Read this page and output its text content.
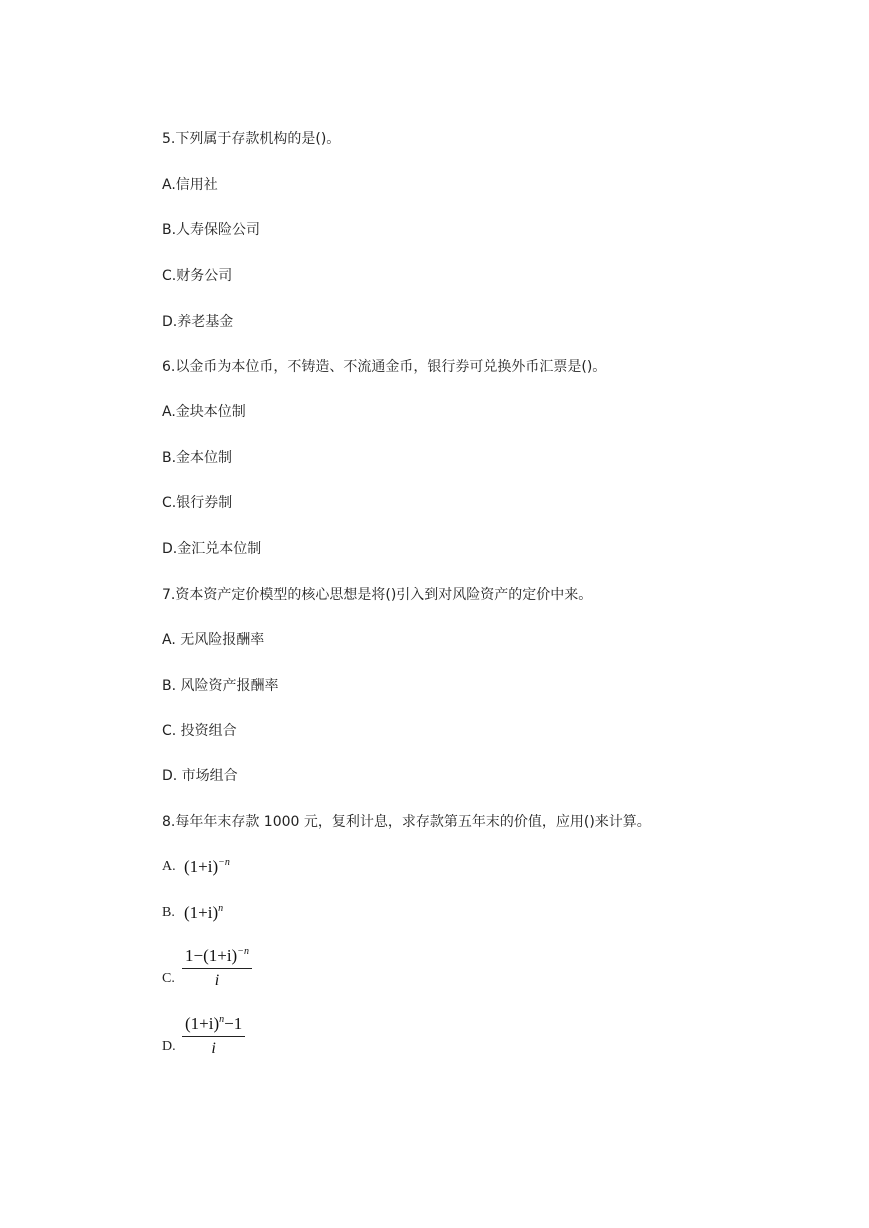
5.下列属于存款机构的是()。
A.信用社
B.人寿保险公司
C.财务公司
D.养老基金
6.以金币为本位币，不铸造、不流通金币，银行券可兑换外币汇票是()。
A.金块本位制
B.金本位制
C.银行券制
D.金汇兑本位制
7.资本资产定价模型的核心思想是将()引入到对风险资产的定价中来。
A. 无风险报酬率
B. 风险资产报酬率
C. 投资组合
D. 市场组合
8.每年年末存款 1000 元，复利计息，求存款第五年末的价值，应用()来计算。
A. $(1+i)^{-n}$
B. $(1+i)^n$
C. $\frac{1-(1+i)^{-n}}{i}$
D. $\frac{(1+i)^n-1}{i}$
